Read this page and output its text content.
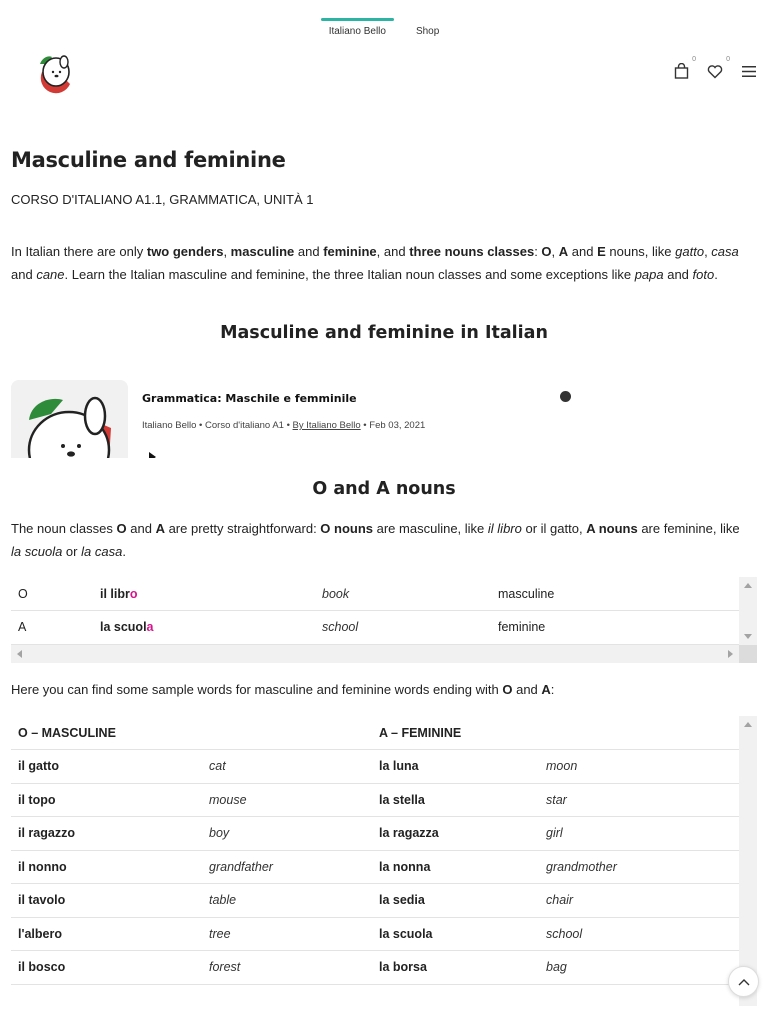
Italiano Bello	Shop
0	0
Masculine and feminine
CORSO D'ITALIANO A1.1, GRAMMATICA, UNITÀ 1

In Italian there are only two genders, masculine and feminine, and three nouns classes: O, A and E nouns, like gatto, casa and cane. Learn the Italian masculine and feminine, the three Italian noun classes and some exceptions like papa and foto.

Masculine and feminine in Italian
Grammatica: Maschile e femminile
Italiano Bello • Corso d'italiano A1 • By Italiano Bello • Feb 03, 2021
O and A nouns

The noun classes O and A are pretty straightforward: O nouns are masculine, like il libro or il gatto, A nouns are feminine, like la scuola or la casa.

O	il libro	book	masculine
A	la scuola	school	feminine

Here you can find some sample words for masculine and feminine words ending with O and A:

O – MASCULINE		A – FEMININE	
il gatto	cat	la luna	moon
il topo	mouse	la stella	star
il ragazzo	boy	la ragazza	girl
il nonno	grandfather	la nonna	grandmother
il tavolo	table	la sedia	chair
l'albero	tree	la scuola	school
il bosco	forest	la borsa	bag
